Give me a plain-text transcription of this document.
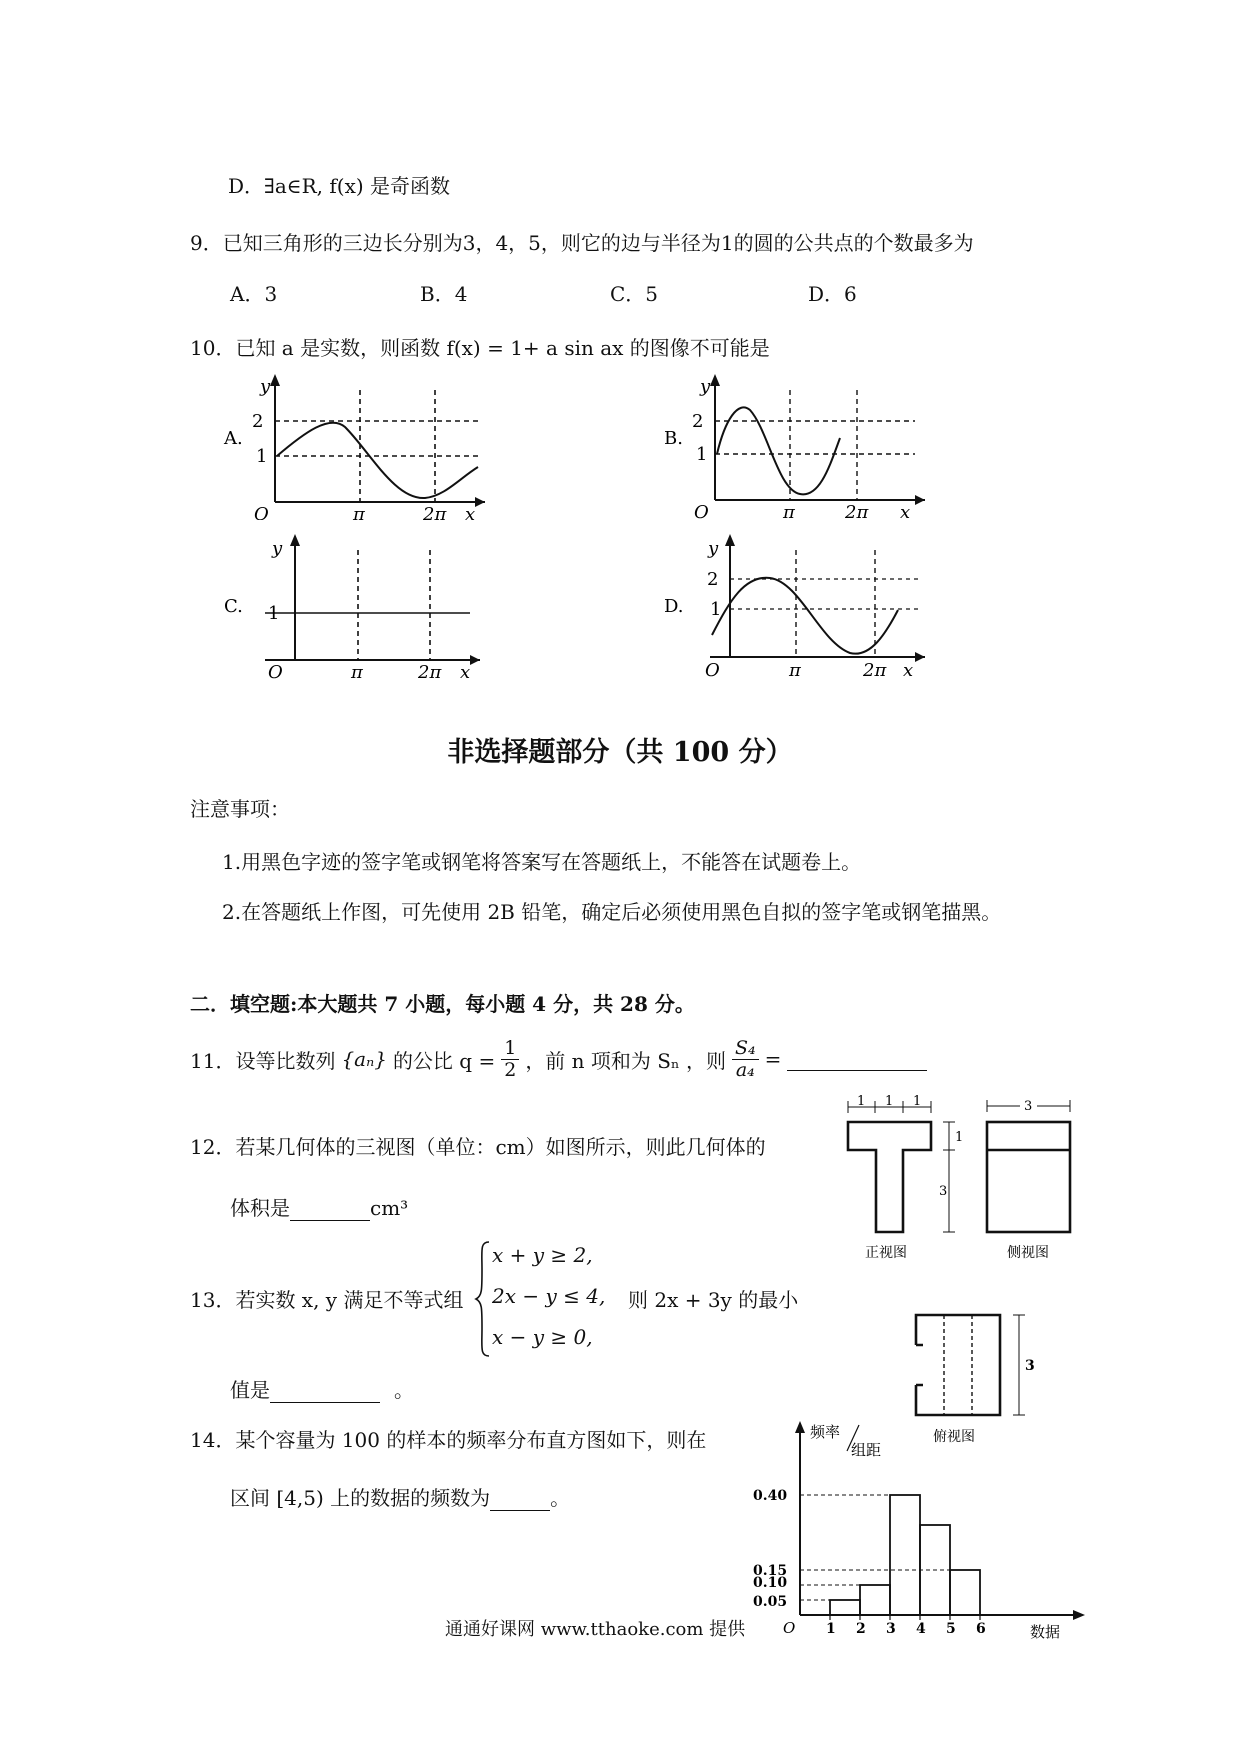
D．∃a∈R, f(x) 是奇函数
9．已知三角形的三边长分别为3，4，5，则它的边与半径为1的圆的公共点的个数最多为
A．3	B．4	C．5	D．6
10．已知 a 是实数，则函数 f(x) = 1+ a sin ax 的图像不可能是
A.
y
2
1
O	π	2π x
B.
y
2
1
O	π	2π x
C.
y
1
O	π	2π x
D.
y
2
1
O	π	2π x
非选择题部分（共 100 分）
注意事项：
1.用黑色字迹的签字笔或钢笔将答案写在答题纸上，不能答在试题卷上。
2.在答题纸上作图，可先使用 2B 铅笔，确定后必须使用黑色自拟的签字笔或钢笔描黑。
二．填空题:本大题共 7 小题，每小题 4 分，共 28 分。
11．设等比数列 {aₙ} 的公比 $q = \frac{1}{2}$ ，前 n 项和为 Sₙ ，则 $\frac{\text{S₄}}{\text{a₄}}$ =
12．若某几何体的三视图（单位：cm）如图所示，则此几何体的
体积是	cm³
1 1 1
1
3
正视图
3
侧视图
3
俯视图
13．若实数 x, y 满足不等式组
x + y ≥ 2,
2x − y ≤ 4,
x − y ≥ 0,
则 2x + 3y 的最小
值是	。
14．某个容量为 100 的样本的频率分布直方图如下，则在
区间 [4,5) 上的数据的频数为	。
频率
组距
O	数据
1 2 3 4 5 6
0.40
0.15
0.10
0.05
通通好课网 www.tthaoke.com 提供
